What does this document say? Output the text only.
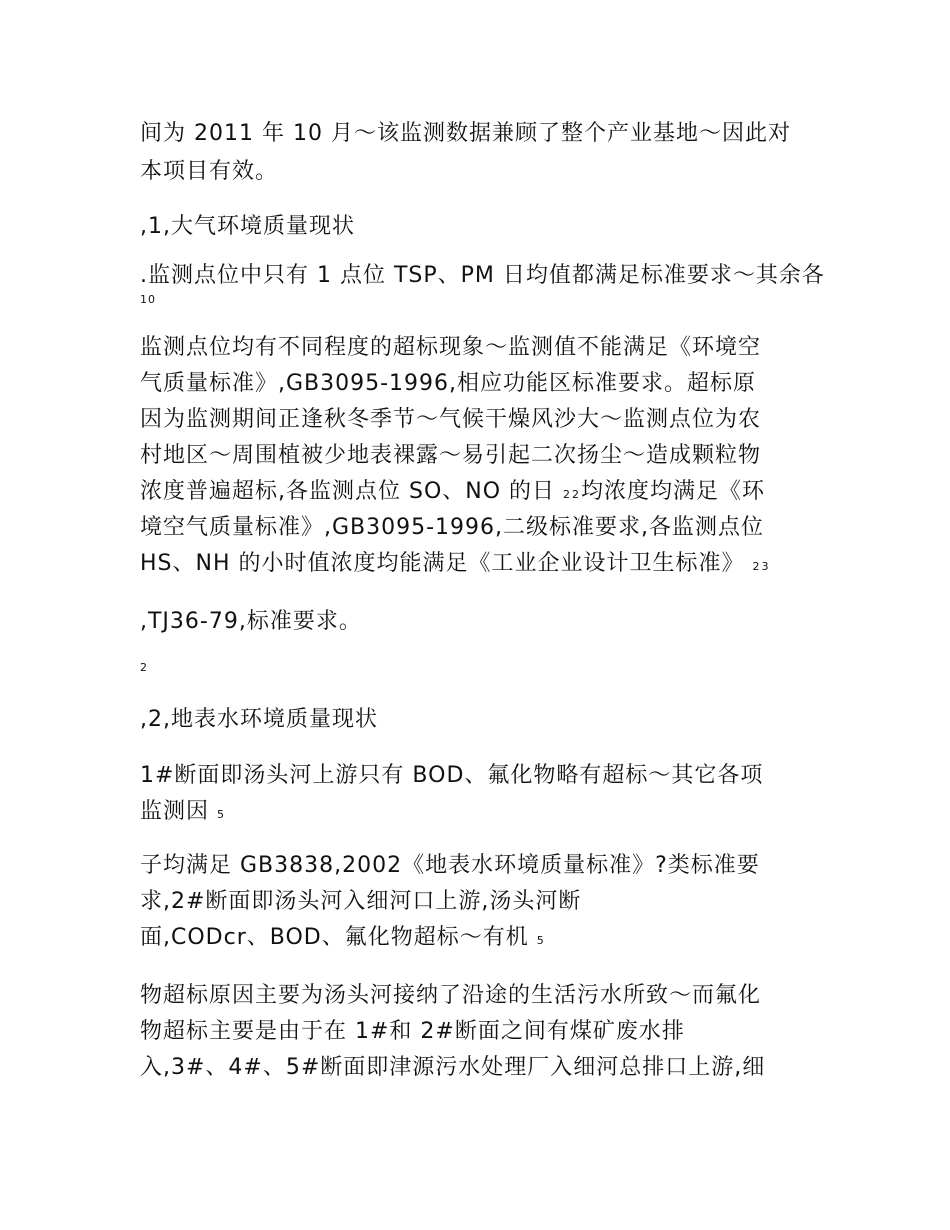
间为 2011 年 10 月～该监测数据兼顾了整个产业基地～因此对
本项目有效。
,1,大气环境质量现状
.监测点位中只有 1 点位 TSP、PM 日均值都满足标准要求～其余各
10
监测点位均有不同程度的超标现象～监测值不能满足《环境空
气质量标准》,GB3095-1996,相应功能区标准要求。超标原
因为监测期间正逢秋冬季节～气候干燥风沙大～监测点位为农
村地区～周围植被少地表裸露～易引起二次扬尘～造成颗粒物
浓度普遍超标,各监测点位 SO、NO 的日 22均浓度均满足《环
境空气质量标准》,GB3095-1996,二级标准要求,各监测点位
HS、NH 的小时值浓度均能满足《工业企业设计卫生标准》 23
,TJ36-79,标准要求。
2
,2,地表水环境质量现状
1#断面即汤头河上游只有 BOD、氟化物略有超标～其它各项
监测因 5
子均满足 GB3838,2002《地表水环境质量标准》?类标准要
求,2#断面即汤头河入细河口上游,汤头河断
面,CODcr、BOD、氟化物超标～有机 5
物超标原因主要为汤头河接纳了沿途的生活污水所致～而氟化
物超标主要是由于在 1#和 2#断面之间有煤矿废水排
入,3#、4#、5#断面即津源污水处理厂入细河总排口上游,细
